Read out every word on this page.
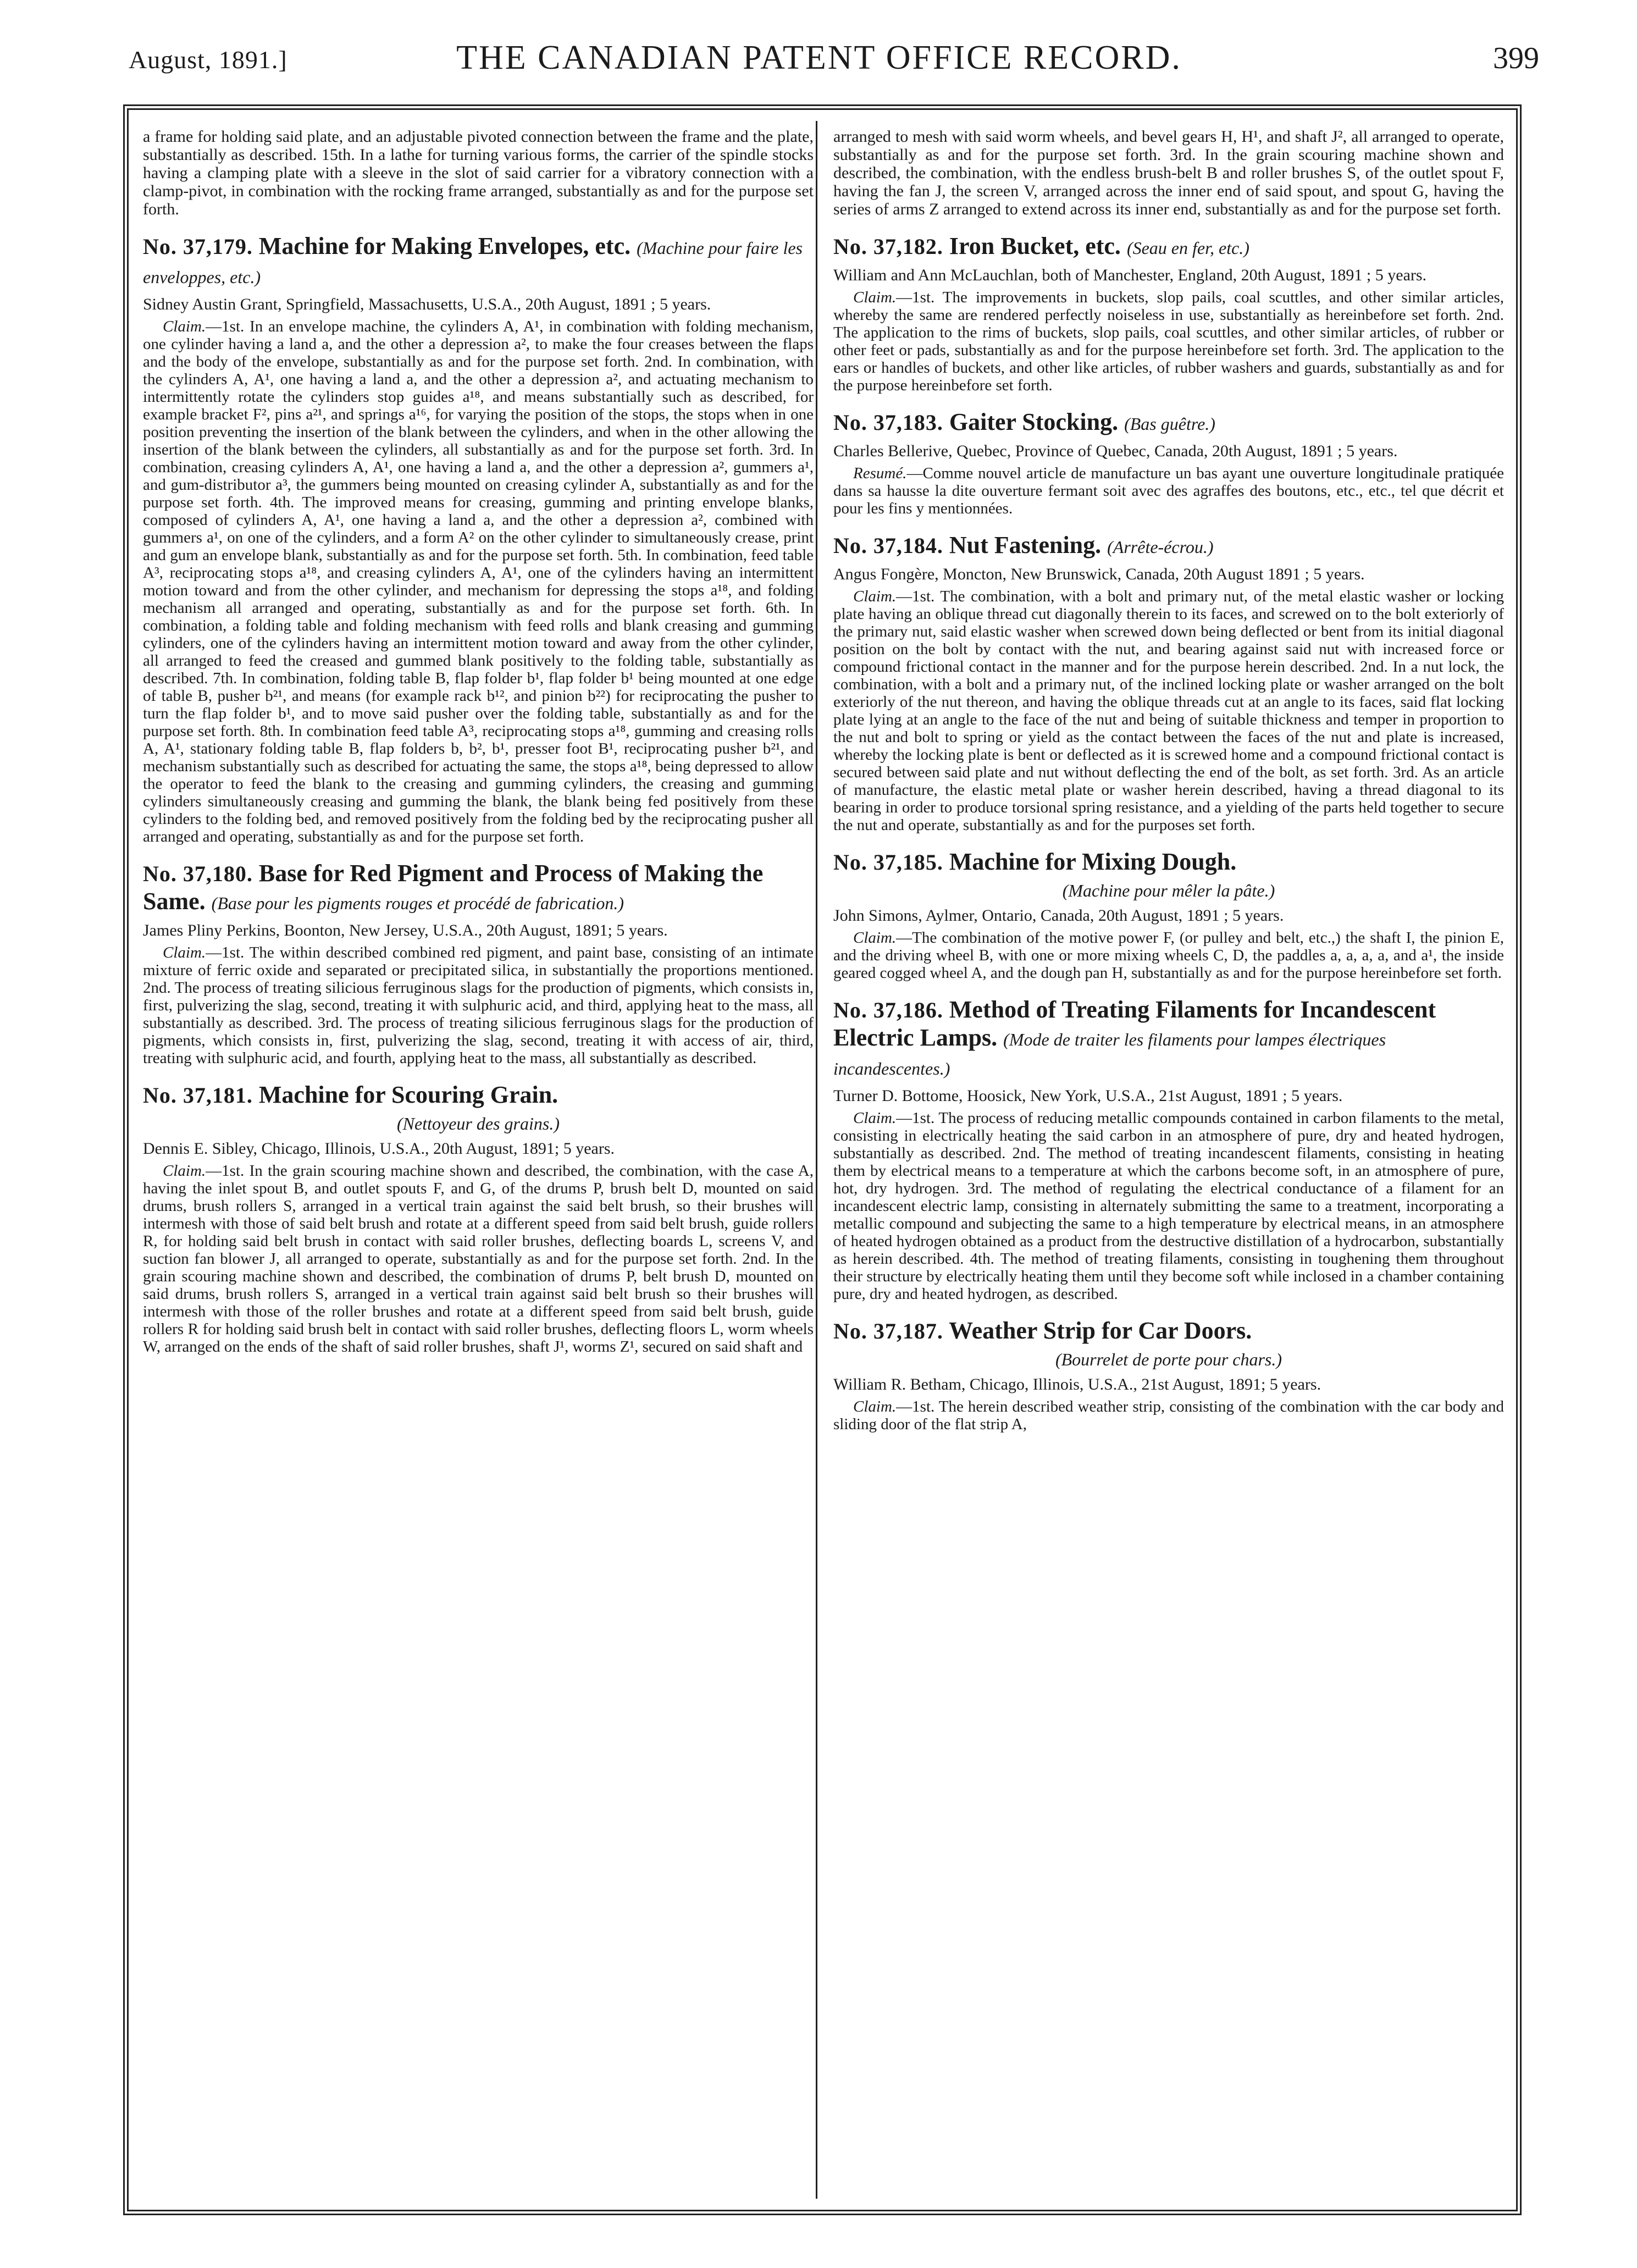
August, 1891.]	THE CANADIAN PATENT OFFICE RECORD.	399

a frame for holding said plate, and an adjustable pivoted connection between the frame and the plate, substantially as described. 15th. In a lathe for turning various forms, the carrier of the spindle stocks having a clamping plate with a sleeve in the slot of said carrier for a vibratory connection with a clamp-pivot, in combination with the rocking frame arranged, substantially as and for the purpose set forth.

No. 37,179. Machine for Making Envelopes, etc. (Machine pour faire les enveloppes, etc.)

Sidney Austin Grant, Springfield, Massachusetts, U.S.A., 20th August, 1891 ; 5 years.

Claim.—1st. In an envelope machine, the cylinders A, A¹, in combination with folding mechanism, one cylinder having a land a, and the other a depression a², to make the four creases between the flaps and the body of the envelope, substantially as and for the purpose set forth. 2nd. In combination, with the cylinders A, A¹, one having a land a, and the other a depression a², and actuating mechanism to intermittently rotate the cylinders stop guides a¹⁸, and means substantially such as described, for example bracket F², pins a²¹, and springs a¹⁶, for varying the position of the stops, the stops when in one position preventing the insertion of the blank between the cylinders, and when in the other allowing the insertion of the blank between the cylinders, all substantially as and for the purpose set forth. 3rd. In combination, creasing cylinders A, A¹, one having a land a, and the other a depression a², gummers a¹, and gum-distributor a³, the gummers being mounted on creasing cylinder A, substantially as and for the purpose set forth. 4th. The improved means for creasing, gumming and printing envelope blanks, composed of cylinders A, A¹, one having a land a, and the other a depression a², combined with gummers a¹, on one of the cylinders, and a form A² on the other cylinder to simultaneously crease, print and gum an envelope blank, substantially as and for the purpose set forth. 5th. In combination, feed table A³, reciprocating stops a¹⁸, and creasing cylinders A, A¹, one of the cylinders having an intermittent motion toward and from the other cylinder, and mechanism for depressing the stops a¹⁸, and folding mechanism all arranged and operating, substantially as and for the purpose set forth. 6th. In combination, a folding table and folding mechanism with feed rolls and blank creasing and gumming cylinders, one of the cylinders having an intermittent motion toward and away from the other cylinder, all arranged to feed the creased and gummed blank positively to the folding table, substantially as described. 7th. In combination, folding table B, flap folder b¹, flap folder b¹ being mounted at one edge of table B, pusher b²¹, and means (for example rack b¹², and pinion b²²) for reciprocating the pusher to turn the flap folder b¹, and to move said pusher over the folding table, substantially as and for the purpose set forth. 8th. In combination feed table A³, reciprocating stops a¹⁸, gumming and creasing rolls A, A¹, stationary folding table B, flap folders b, b², b¹, presser foot B¹, reciprocating pusher b²¹, and mechanism substantially such as described for actuating the same, the stops a¹⁸, being depressed to allow the operator to feed the blank to the creasing and gumming cylinders, the creasing and gumming cylinders simultaneously creasing and gumming the blank, the blank being fed positively from these cylinders to the folding bed, and removed positively from the folding bed by the reciprocating pusher all arranged and operating, substantially as and for the purpose set forth.

No. 37,180. Base for Red Pigment and Process of Making the Same. (Base pour les pigments rouges et procédé de fabrication.)

James Pliny Perkins, Boonton, New Jersey, U.S.A., 20th August, 1891; 5 years.

Claim.—1st. The within described combined red pigment, and paint base, consisting of an intimate mixture of ferric oxide and separated or precipitated silica, in substantially the proportions mentioned. 2nd. The process of treating silicious ferruginous slags for the production of pigments, which consists in, first, pulverizing the slag, second, treating it with sulphuric acid, and third, applying heat to the mass, all substantially as described. 3rd. The process of treating silicious ferruginous slags for the production of pigments, which consists in, first, pulverizing the slag, second, treating it with access of air, third, treating with sulphuric acid, and fourth, applying heat to the mass, all substantially as described.

No. 37,181. Machine for Scouring Grain.

(Nettoyeur des grains.)

Dennis E. Sibley, Chicago, Illinois, U.S.A., 20th August, 1891; 5 years.

Claim.—1st. In the grain scouring machine shown and described, the combination, with the case A, having the inlet spout B, and outlet spouts F, and G, of the drums P, brush belt D, mounted on said drums, brush rollers S, arranged in a vertical train against the said belt brush, so their brushes will intermesh with those of said belt brush and rotate at a different speed from said belt brush, guide rollers R, for holding said belt brush in contact with said roller brushes, deflecting boards L, screens V, and suction fan blower J, all arranged to operate, substantially as and for the purpose set forth. 2nd. In the grain scouring machine shown and described, the combination of drums P, belt brush D, mounted on said drums, brush rollers S, arranged in a vertical train against said belt brush so their brushes will intermesh with those of the roller brushes and rotate at a different speed from said belt brush, guide rollers R for holding said brush belt in contact with said roller brushes, deflecting floors L, worm wheels W, arranged on the ends of the shaft of said roller brushes, shaft J¹, worms Z¹, secured on said shaft and

arranged to mesh with said worm wheels, and bevel gears H, H¹, and shaft J², all arranged to operate, substantially as and for the purpose set forth. 3rd. In the grain scouring machine shown and described, the combination, with the endless brush-belt B and roller brushes S, of the outlet spout F, having the fan J, the screen V, arranged across the inner end of said spout, and spout G, having the series of arms Z arranged to extend across its inner end, substantially as and for the purpose set forth.

No. 37,182. Iron Bucket, etc. (Seau en fer, etc.)

William and Ann McLauchlan, both of Manchester, England, 20th August, 1891 ; 5 years.

Claim.—1st. The improvements in buckets, slop pails, coal scuttles, and other similar articles, whereby the same are rendered perfectly noiseless in use, substantially as hereinbefore set forth. 2nd. The application to the rims of buckets, slop pails, coal scuttles, and other similar articles, of rubber or other feet or pads, substantially as and for the purpose hereinbefore set forth. 3rd. The application to the ears or handles of buckets, and other like articles, of rubber washers and guards, substantially as and for the purpose hereinbefore set forth.

No. 37,183. Gaiter Stocking. (Bas guêtre.)

Charles Bellerive, Quebec, Province of Quebec, Canada, 20th August, 1891 ; 5 years.

Resumé.—Comme nouvel article de manufacture un bas ayant une ouverture longitudinale pratiquée dans sa hausse la dite ouverture fermant soit avec des agraffes des boutons, etc., etc., tel que décrit et pour les fins y mentionnées.

No. 37,184. Nut Fastening. (Arrête-écrou.)

Angus Fongère, Moncton, New Brunswick, Canada, 20th August 1891 ; 5 years.

Claim.—1st. The combination, with a bolt and primary nut, of the metal elastic washer or locking plate having an oblique thread cut diagonally therein to its faces, and screwed on to the bolt exteriorly of the primary nut, said elastic washer when screwed down being deflected or bent from its initial diagonal position on the bolt by contact with the nut, and bearing against said nut with increased force or compound frictional contact in the manner and for the purpose herein described. 2nd. In a nut lock, the combination, with a bolt and a primary nut, of the inclined locking plate or washer arranged on the bolt exteriorly of the nut thereon, and having the oblique threads cut at an angle to its faces, said flat locking plate lying at an angle to the face of the nut and being of suitable thickness and temper in proportion to the nut and bolt to spring or yield as the contact between the faces of the nut and plate is increased, whereby the locking plate is bent or deflected as it is screwed home and a compound frictional contact is secured between said plate and nut without deflecting the end of the bolt, as set forth. 3rd. As an article of manufacture, the elastic metal plate or washer herein described, having a thread diagonal to its bearing in order to produce torsional spring resistance, and a yielding of the parts held together to secure the nut and operate, substantially as and for the purposes set forth.

No. 37,185. Machine for Mixing Dough.

(Machine pour mêler la pâte.)

John Simons, Aylmer, Ontario, Canada, 20th August, 1891 ; 5 years.

Claim.—The combination of the motive power F, (or pulley and belt, etc.,) the shaft I, the pinion E, and the driving wheel B, with one or more mixing wheels C, D, the paddles a, a, a, a, and a¹, the inside geared cogged wheel A, and the dough pan H, substantially as and for the purpose hereinbefore set forth.

No. 37,186. Method of Treating Filaments for Incandescent Electric Lamps. (Mode de traiter les filaments pour lampes électriques incandescentes.)

Turner D. Bottome, Hoosick, New York, U.S.A., 21st August, 1891 ; 5 years.

Claim.—1st. The process of reducing metallic compounds contained in carbon filaments to the metal, consisting in electrically heating the said carbon in an atmosphere of pure, dry and heated hydrogen, substantially as described. 2nd. The method of treating incandescent filaments, consisting in heating them by electrical means to a temperature at which the carbons become soft, in an atmosphere of pure, hot, dry hydrogen. 3rd. The method of regulating the electrical conductance of a filament for an incandescent electric lamp, consisting in alternately submitting the same to a treatment, incorporating a metallic compound and subjecting the same to a high temperature by electrical means, in an atmosphere of heated hydrogen obtained as a product from the destructive distillation of a hydrocarbon, substantially as herein described. 4th. The method of treating filaments, consisting in toughening them throughout their structure by electrically heating them until they become soft while inclosed in a chamber containing pure, dry and heated hydrogen, as described.

No. 37,187. Weather Strip for Car Doors.

(Bourrelet de porte pour chars.)

William R. Betham, Chicago, Illinois, U.S.A., 21st August, 1891; 5 years.

Claim.—1st. The herein described weather strip, consisting of the combination with the car body and sliding door of the flat strip A,
